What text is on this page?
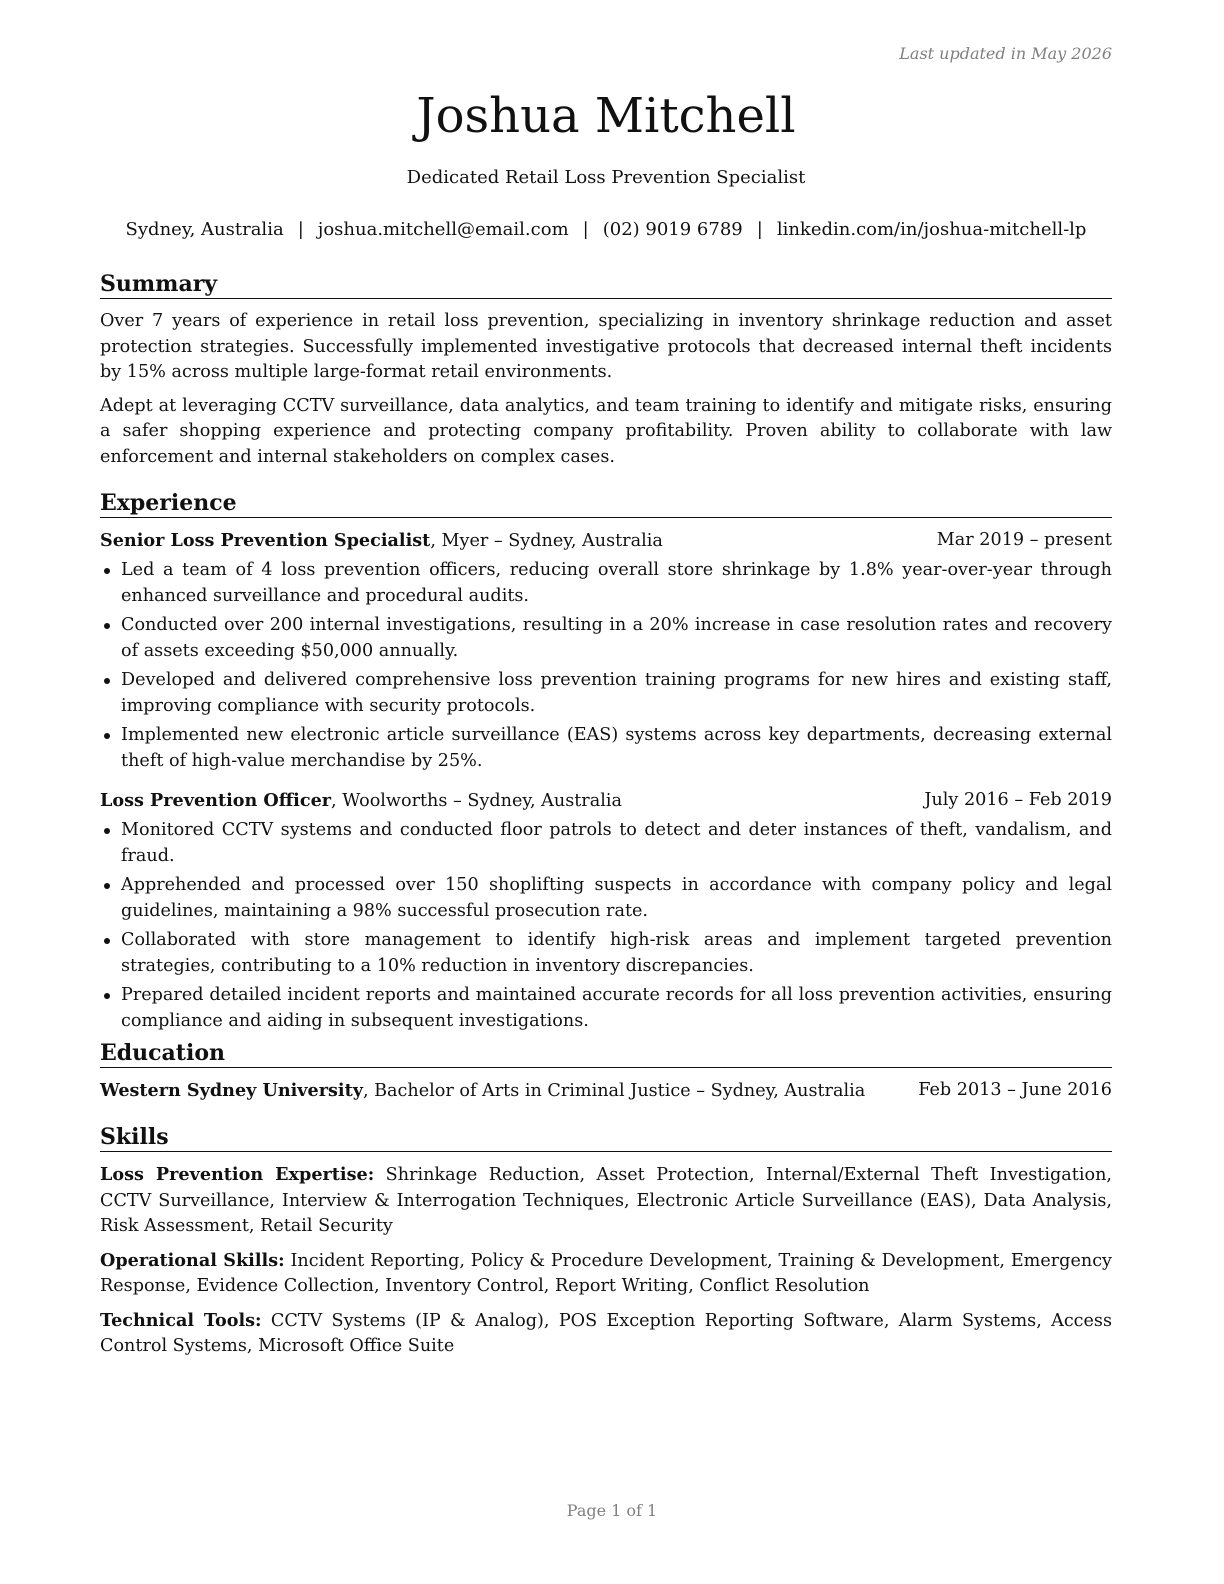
Last updated in May 2026
Joshua Mitchell
Dedicated Retail Loss Prevention Specialist
Sydney, Australia | joshua.mitchell@email.com | (02) 9019 6789 | linkedin.com/in/joshua-mitchell-lp
Summary

Over 7 years of experience in retail loss prevention, specializing in inventory shrinkage reduction and asset protection strategies. Successfully implemented investigative protocols that decreased internal theft incidents by 15% across multiple large-format retail environments.

Adept at leveraging CCTV surveillance, data analytics, and team training to identify and mitigate risks, ensuring a safer shopping experience and protecting company profitability. Proven ability to collaborate with law enforcement and internal stakeholders on complex cases.

Experience
Senior Loss Prevention Specialist, Myer – Sydney, Australia	Mar 2019 – present
Led a team of 4 loss prevention officers, reducing overall store shrinkage by 1.8% year-over-year through enhanced surveillance and procedural audits.
Conducted over 200 internal investigations, resulting in a 20% increase in case resolution rates and recovery of assets exceeding $50,000 annually.
Developed and delivered comprehensive loss prevention training programs for new hires and existing staff, improving compliance with security protocols.
Implemented new electronic article surveillance (EAS) systems across key departments, decreasing external theft of high-value merchandise by 25%.
Loss Prevention Officer, Woolworths – Sydney, Australia	July 2016 – Feb 2019
Monitored CCTV systems and conducted floor patrols to detect and deter instances of theft, vandalism, and fraud.
Apprehended and processed over 150 shoplifting suspects in accordance with company policy and legal guidelines, maintaining a 98% successful prosecution rate.
Collaborated with store management to identify high-risk areas and implement targeted prevention strategies, contributing to a 10% reduction in inventory discrepancies.
Prepared detailed incident reports and maintained accurate records for all loss prevention activities, ensuring compliance and aiding in subsequent investigations.
Education
Western Sydney University, Bachelor of Arts in Criminal Justice – Sydney, Australia	Feb 2013 – June 2016
Skills

Loss Prevention Expertise: Shrinkage Reduction, Asset Protection, Internal/External Theft Investigation, CCTV Surveillance, Interview & Interrogation Techniques, Electronic Article Surveillance (EAS), Data Analysis, Risk Assessment, Retail Security

Operational Skills: Incident Reporting, Policy & Procedure Development, Training & Development, Emergency Response, Evidence Collection, Inventory Control, Report Writing, Conflict Resolution

Technical Tools: CCTV Systems (IP & Analog), POS Exception Reporting Software, Alarm Systems, Access Control Systems, Microsoft Office Suite

Page 1 of 1
